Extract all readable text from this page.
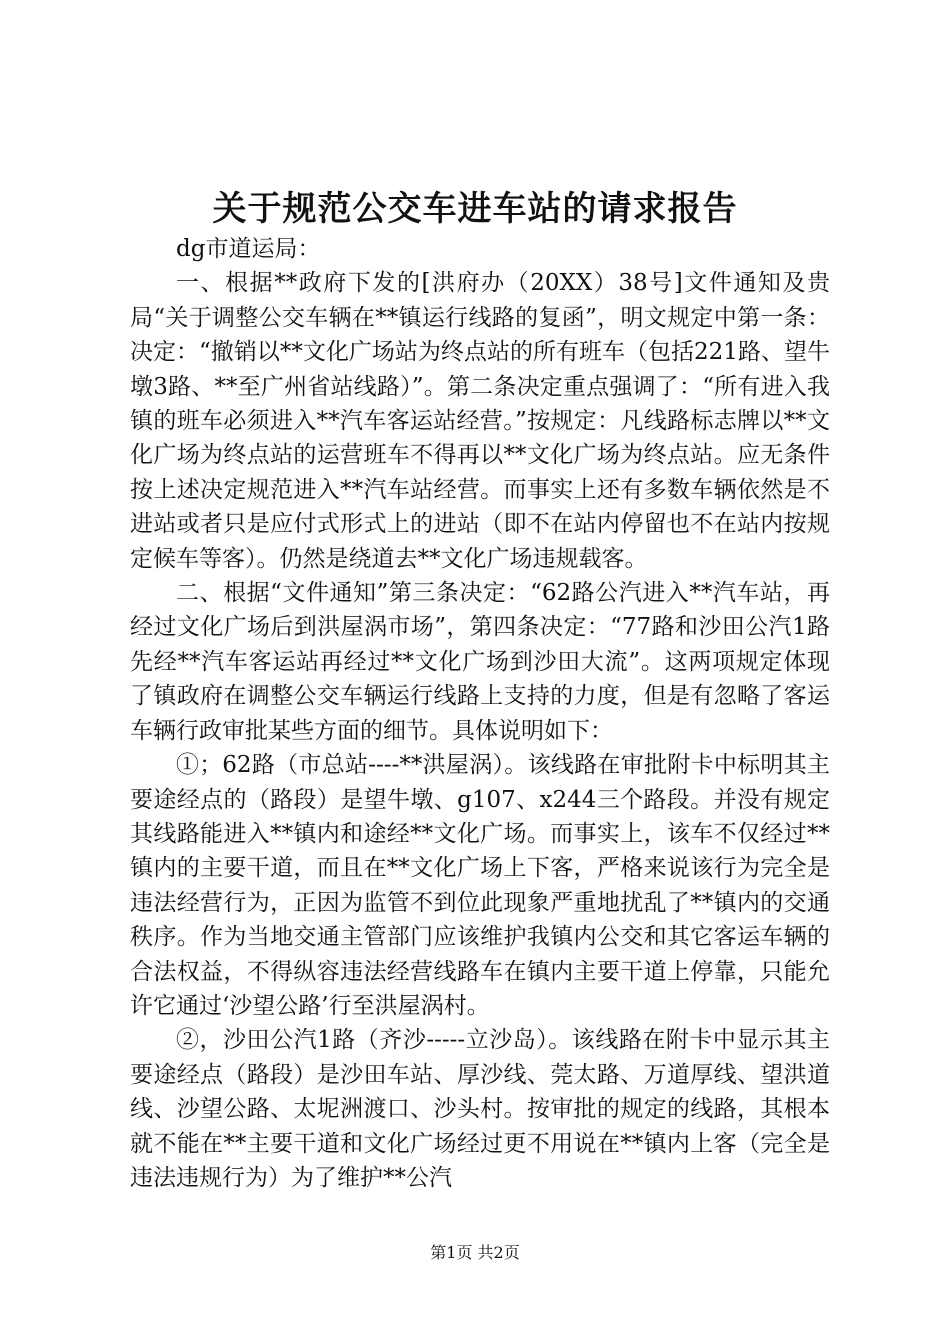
关于规范公交车进车站的请求报告

dg市道运局：

一、根据**政府下发的[洪府办（20XX）38号]文件通知及贵局“关于调整公交车辆在**镇运行线路的复函”，明文规定中第一条：决定：“撤销以**文化广场站为终点站的所有班车（包括221路、望牛墩3路、**至广州省站线路）”。第二条决定重点强调了：“所有进入我镇的班车必须进入**汽车客运站经营。”按规定：凡线路标志牌以**文化广场为终点站的运营班车不得再以**文化广场为终点站。应无条件按上述决定规范进入**汽车站经营。而事实上还有多数车辆依然是不进站或者只是应付式形式上的进站（即不在站内停留也不在站内按规定候车等客）。仍然是绕道去**文化广场违规载客。

二、根据“文件通知”第三条决定：“62路公汽进入**汽车站，再经过文化广场后到洪屋涡市场”，第四条决定：“77路和沙田公汽1路先经**汽车客运站再经过**文化广场到沙田大流”。这两项规定体现了镇政府在调整公交车辆运行线路上支持的力度，但是有忽略了客运车辆行政审批某些方面的细节。具体说明如下：

①；62路（市总站----**洪屋涡）。该线路在审批附卡中标明其主要途经点的（路段）是望牛墩、g107、x244三个路段。并没有规定其线路能进入**镇内和途经**文化广场。而事实上，该车不仅经过**镇内的主要干道，而且在**文化广场上下客，严格来说该行为完全是违法经营行为，正因为监管不到位此现象严重地扰乱了**镇内的交通秩序。作为当地交通主管部门应该维护我镇内公交和其它客运车辆的合法权益，不得纵容违法经营线路车在镇内主要干道上停靠，只能允许它通过‘沙望公路’行至洪屋涡村。

②，沙田公汽1路（齐沙-----立沙岛）。该线路在附卡中显示其主要途经点（路段）是沙田车站、厚沙线、莞太路、万道厚线、望洪道线、沙望公路、太坭洲渡口、沙头村。按审批的规定的线路，其根本就不能在**主要干道和文化广场经过更不用说在**镇内上客（完全是违法违规行为）为了维护**公汽

第1页 共2页
